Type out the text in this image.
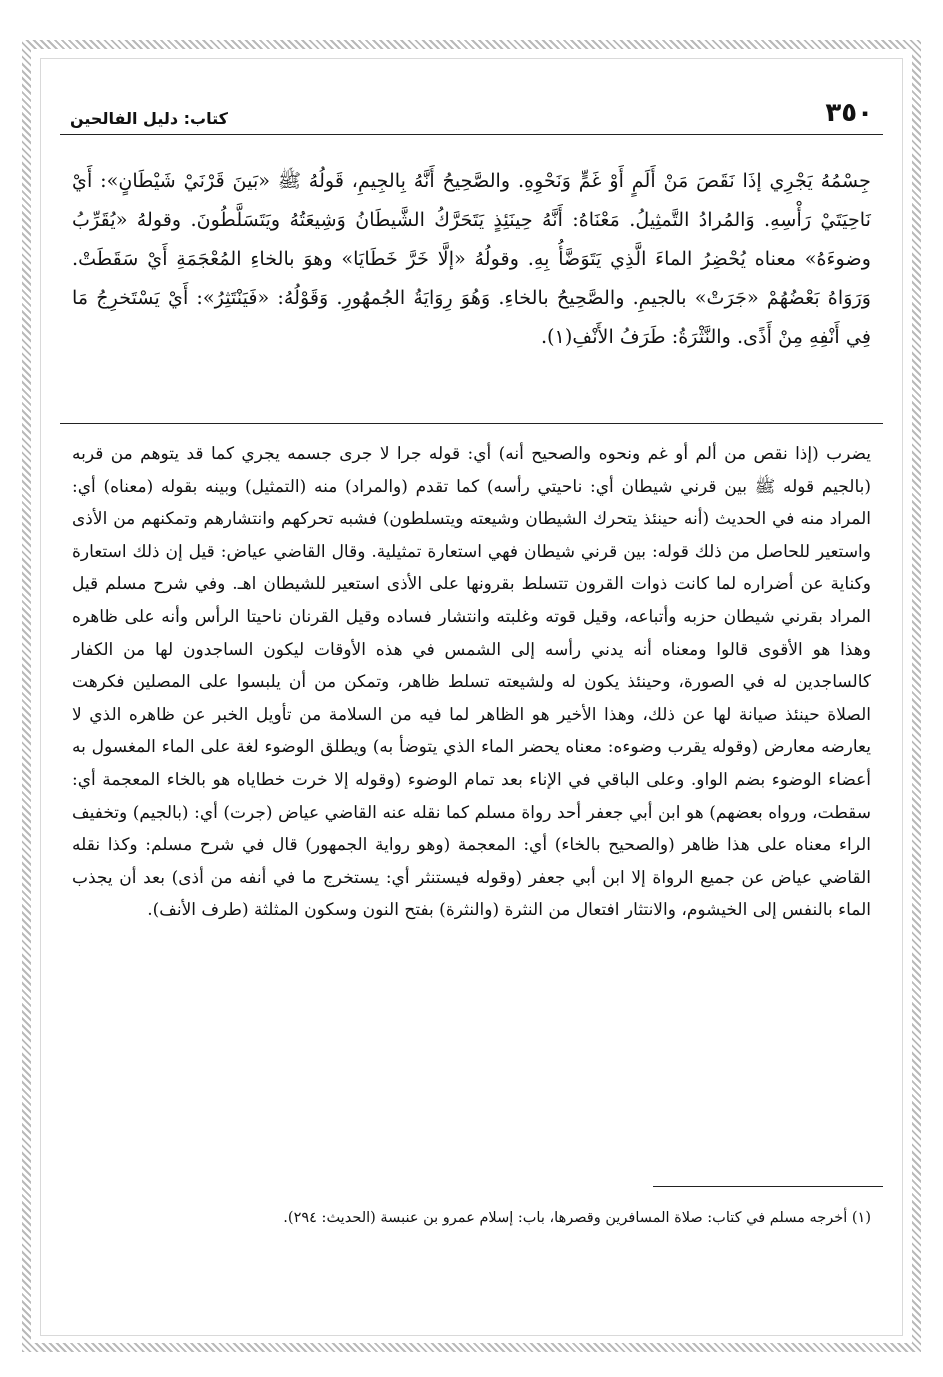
٣٥٠
كتاب: دليل الفالحين
جِسْمُهُ يَجْرِي إذَا نَقَصَ مَنْ أَلَمٍ أَوْ غَمٍّ وَنَحْوِهِ. والصَّحِيحُ أَنَّهُ بِالجِيمِ، قَولُهُ ﷺ «بَينَ قَرْنَيْ شَيْطَانٍ»: أَيْ نَاحِيَتَيْ رَأْسِهِ. وَالمُرادُ التَّمثِيلُ. مَعْنَاهُ: أَنَّهُ حِينَئِذٍ يَتَحَرَّكُ الشَّيطَانُ وَشِيعَتُهُ ويَتَسَلَّطُونَ. وقولهُ «يُقَرِّبُ وضوءَهُ» معناه يُحْضِرُ الماءَ الَّذِي يَتَوَضَّأُ بِهِ. وقولُهُ «إلَّا خَرَّ خَطَايَا» وهوَ بالخاءِ المُعْجَمَةِ أَيْ سَقَطَتْ. وَرَوَاهُ بَعْضُهُمْ «جَرَتْ» بالجيمِ. والصَّحِيحُ بالخاءِ. وَهُوَ رِوَايَةُ الجُمهُورِ. وَقَوْلُهُ: «فَيَنْتَثِرُ»: أَيْ يَسْتَخرِجُ مَا فِي أَنْفِهِ مِنْ أَذًى. والنَّثْرَةُ: طَرَفُ الأَنْفِ(١).

يضرب (إذا نقص من ألم أو غم ونحوه والصحيح أنه) أي: قوله جرا لا جرى جسمه يجري كما قد يتوهم من قربه (بالجيم قوله ﷺ بين قرني شيطان أي: ناحيتي رأسه) كما تقدم (والمراد) منه (التمثيل) وبينه بقوله (معناه) أي: المراد منه في الحديث (أنه حينئذ يتحرك الشيطان وشيعته ويتسلطون) فشبه تحركهم وانتشارهم وتمكنهم من الأذى واستعير للحاصل من ذلك قوله: بين قرني شيطان فهي استعارة تمثيلية. وقال القاضي عياض: قيل إن ذلك استعارة وكناية عن أضراره لما كانت ذوات القرون تتسلط بقرونها على الأذى استعير للشيطان اهـ. وفي شرح مسلم قيل المراد بقرني شيطان حزبه وأتباعه، وقيل قوته وغلبته وانتشار فساده وقيل القرنان ناحيتا الرأس وأنه على ظاهره وهذا هو الأقوى قالوا ومعناه أنه يدني رأسه إلى الشمس في هذه الأوقات ليكون الساجدون لها من الكفار كالساجدين له في الصورة، وحينئذ يكون له ولشيعته تسلط ظاهر، وتمكن من أن يلبسوا على المصلين فكرهت الصلاة حينئذ صيانة لها عن ذلك، وهذا الأخير هو الظاهر لما فيه من السلامة من تأويل الخبر عن ظاهره الذي لا يعارضه معارض (وقوله يقرب وضوءه: معناه يحضر الماء الذي يتوضأ به) ويطلق الوضوء لغة على الماء المغسول به أعضاء الوضوء بضم الواو. وعلى الباقي في الإناء بعد تمام الوضوء (وقوله إلا خرت خطاياه هو بالخاء المعجمة أي: سقطت، ورواه بعضهم) هو ابن أبي جعفر أحد رواة مسلم كما نقله عنه القاضي عياض (جرت) أي: (بالجيم) وتخفيف الراء معناه على هذا ظاهر (والصحيح بالخاء) أي: المعجمة (وهو رواية الجمهور) قال في شرح مسلم: وكذا نقله القاضي عياض عن جميع الرواة إلا ابن أبي جعفر (وقوله فيستنثر أي: يستخرج ما في أنفه من أذى) بعد أن يجذب الماء بالنفس إلى الخيشوم، والانتثار افتعال من النثرة (والنثرة) بفتح النون وسكون المثلثة (طرف الأنف).

(١) أخرجه مسلم في كتاب: صلاة المسافرين وقصرها، باب: إسلام عمرو بن عنبسة (الحديث: ٢٩٤).
